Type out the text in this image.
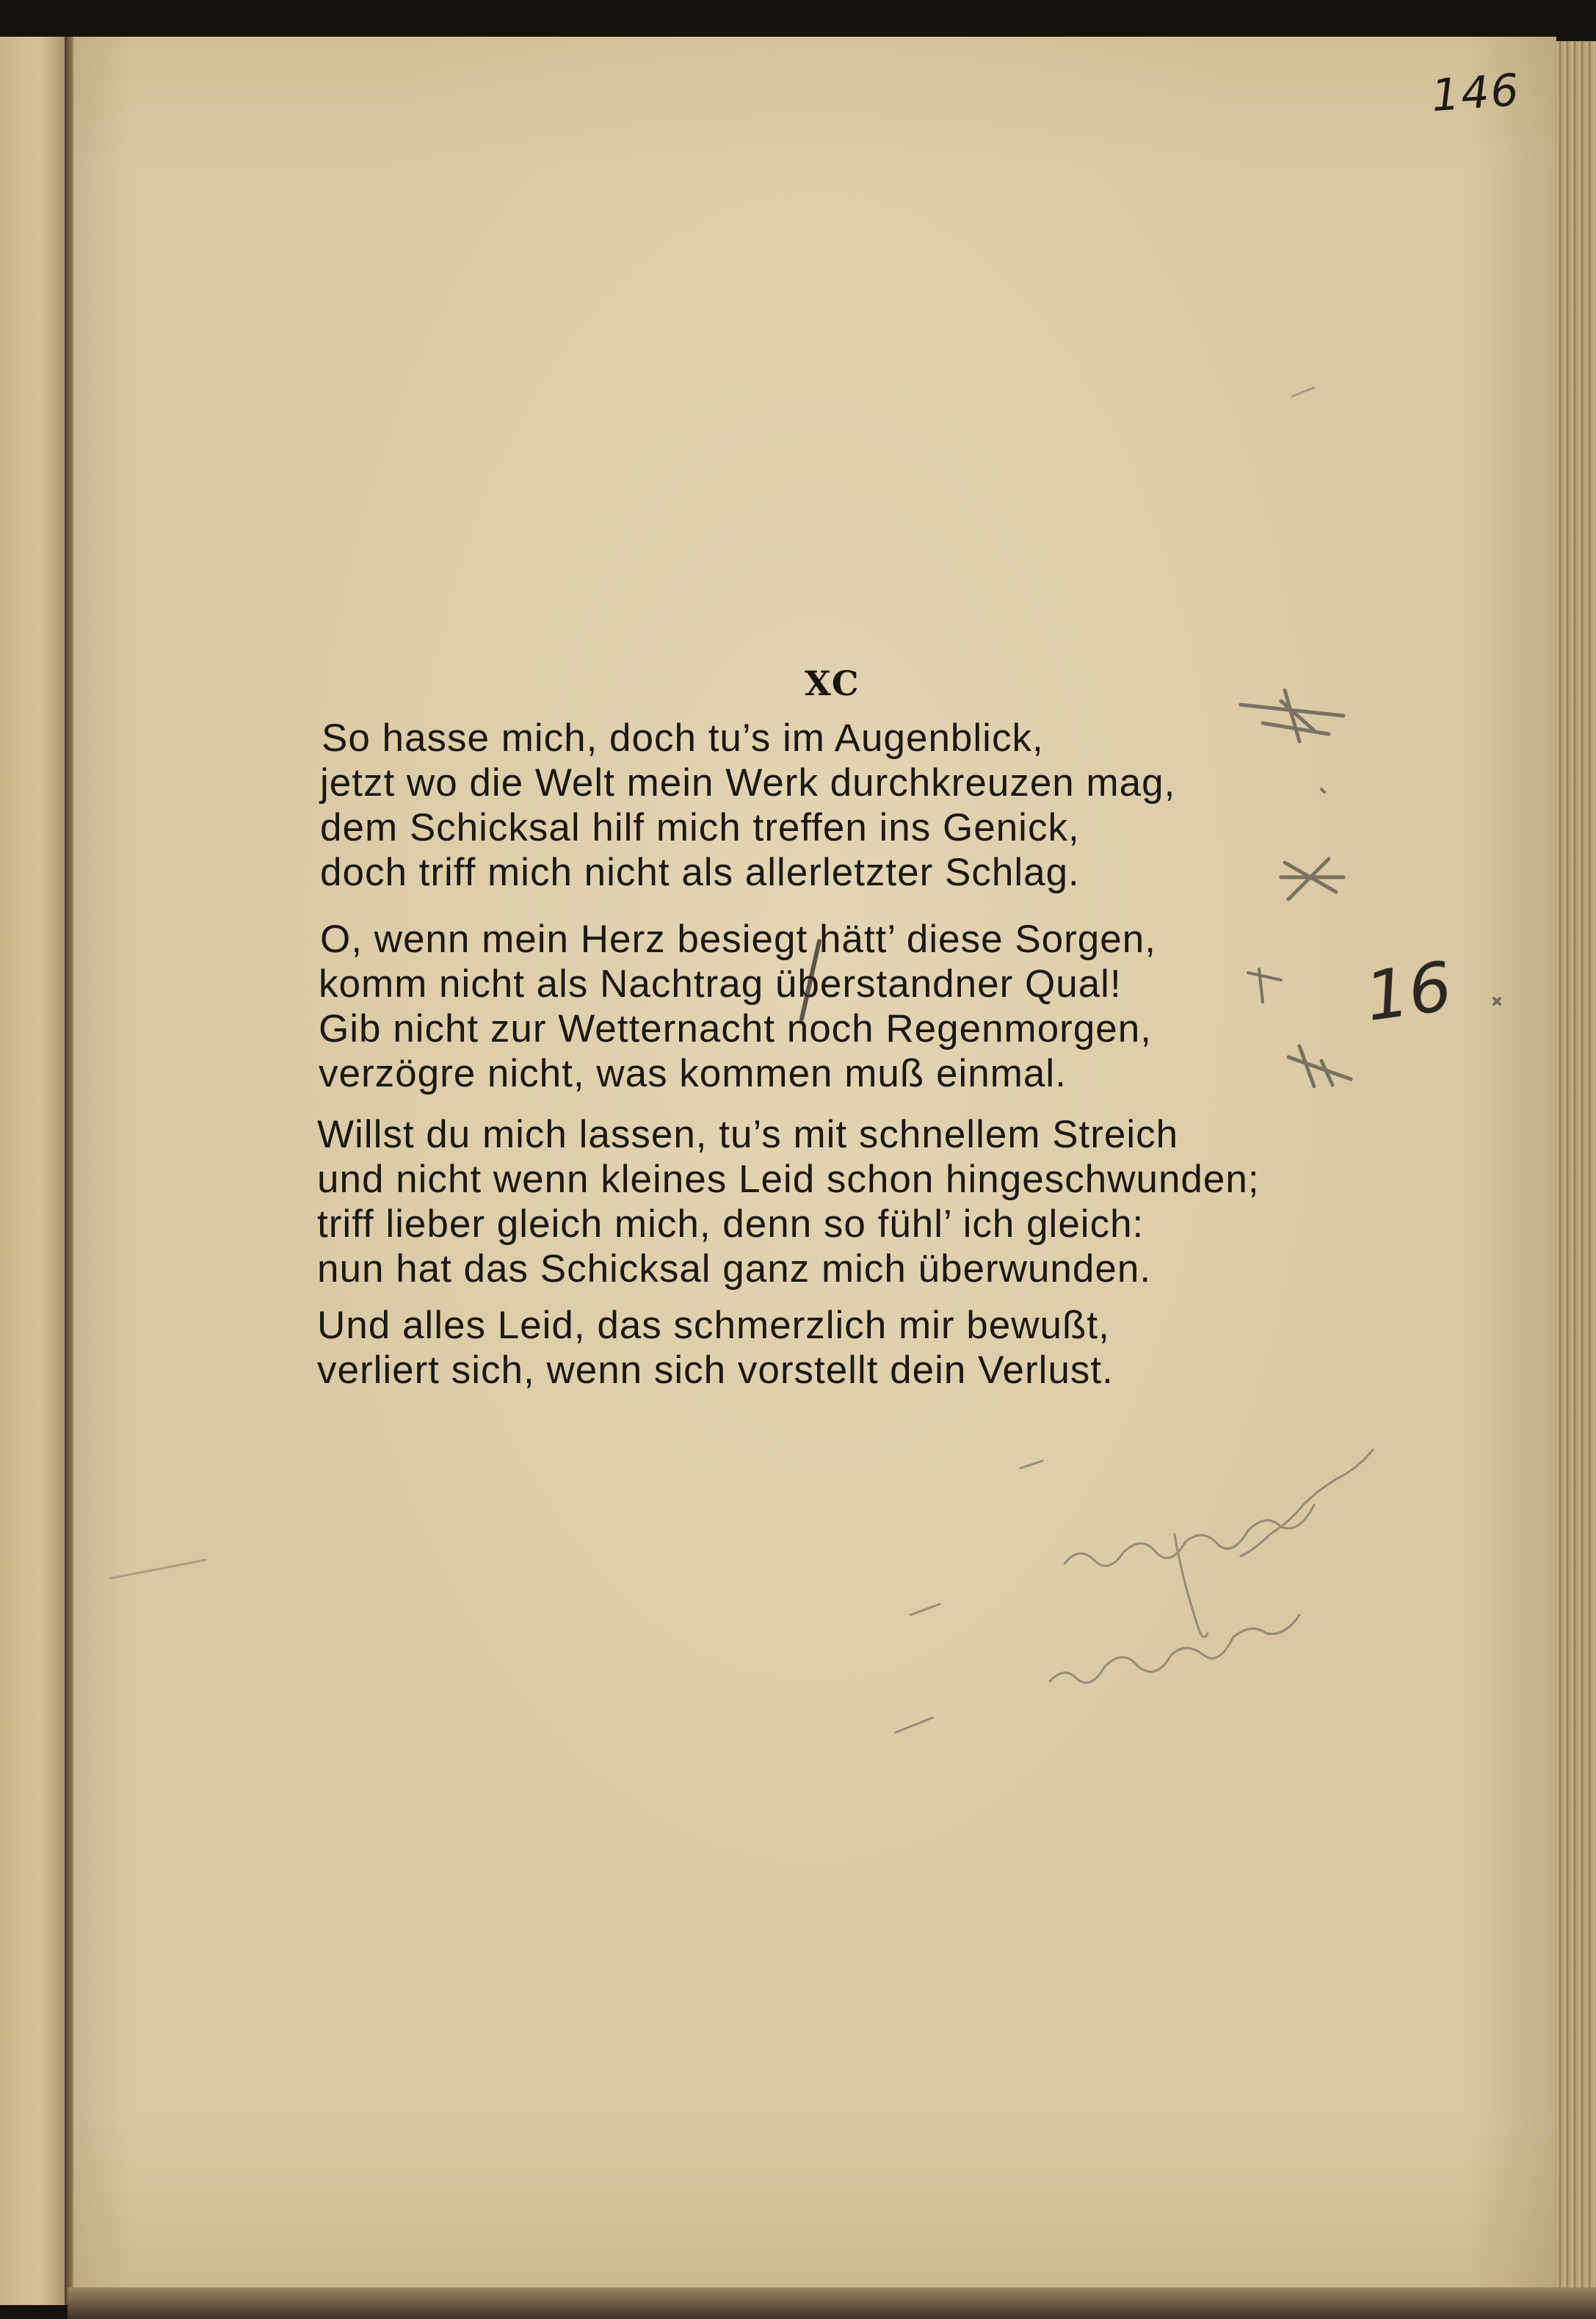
146
XC
So hasse mich, doch tu’s im Augenblick,
jetzt wo die Welt mein Werk durchkreuzen mag,
dem Schicksal hilf mich treffen ins Genick,
doch triff mich nicht als allerletzter Schlag.
O, wenn mein Herz besiegt hätt’ diese Sorgen,
komm nicht als Nachtrag überstandner Qual!
Gib nicht zur Wetternacht noch Regenmorgen,
verzögre nicht, was kommen muß einmal.
Willst du mich lassen, tu’s mit schnellem Streich
und nicht wenn kleines Leid schon hingeschwunden;
triff lieber gleich mich, denn so fühl’ ich gleich:
nun hat das Schicksal ganz mich überwunden.
Und alles Leid, das schmerzlich mir bewußt,
verliert sich, wenn sich vorstellt dein Verlust.
16
